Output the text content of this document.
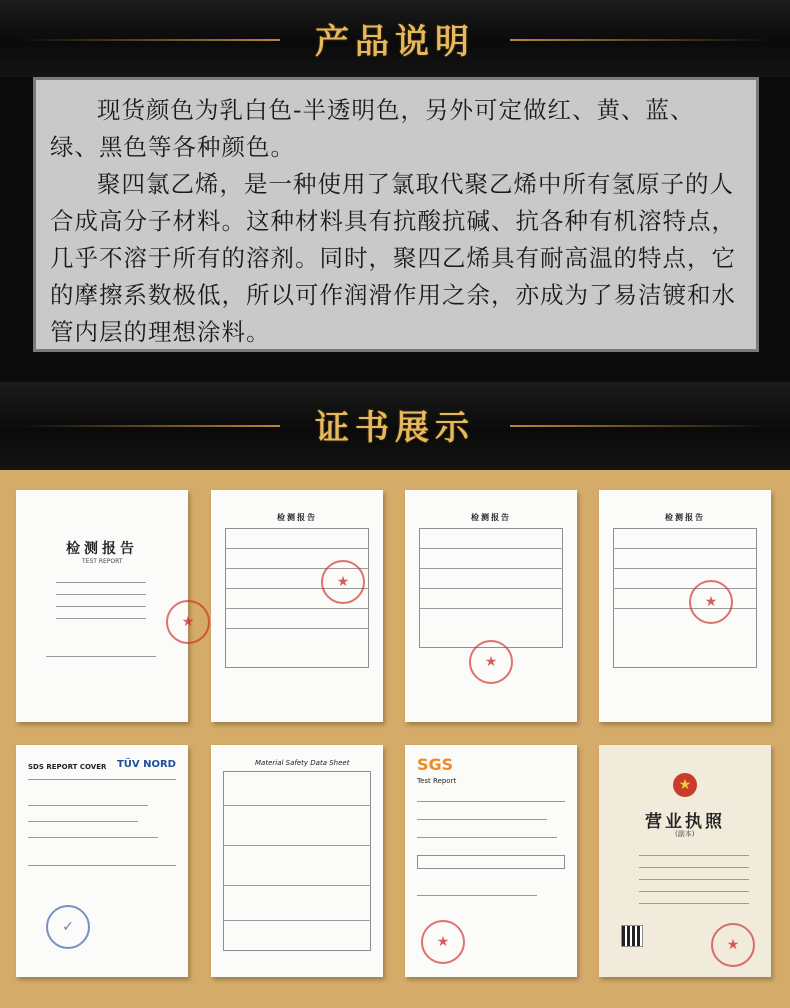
产品说明

现货颜色为乳白色-半透明色，另外可定做红、黄、蓝、绿、黑色等各种颜色。

聚四氯乙烯，是一种使用了氯取代聚乙烯中所有氢原子的人合成高分子材料。这种材料具有抗酸抗碱、抗各种有机溶特点，几乎不溶于所有的溶剂。同时，聚四乙烯具有耐高温的特点，它的摩擦系数极低，所以可作润滑作用之余，亦成为了易洁镀和水管内层的理想涂料。

证书展示
检测报告
TEST REPORT
★
检测报告
★
检测报告
★
检测报告
★
TÜV NORD
SDS REPORT COVER
✓
Material Safety Data Sheet	SGS
Test Report
★
★
营业执照
(副本)
★
